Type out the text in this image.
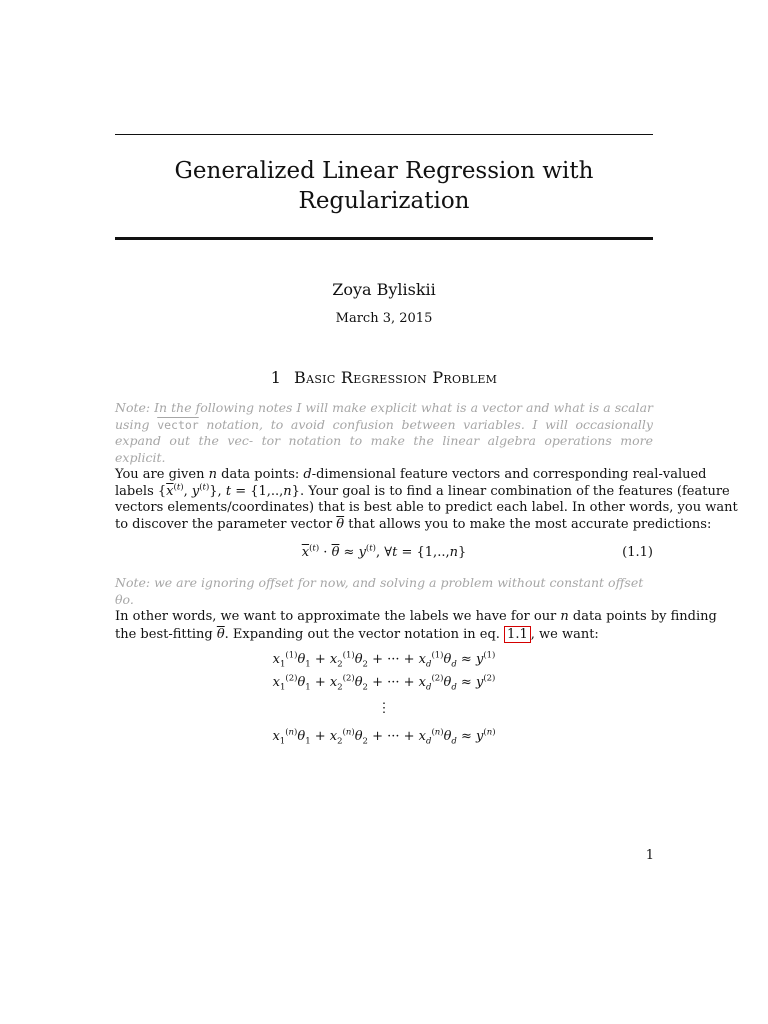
Generalized Linear Regression with
Regularization
Zoya Byliskii
March 3, 2015
1 Basic Regression Problem
Note: In the following notes I will make explicit what is a vector and what is a scalar using vector notation, to avoid confusion between variables. I will occasionally expand out the vec- tor notation to make the linear algebra operations more explicit.
You are given n data points: d-dimensional feature vectors and corresponding real-valued
labels {$\overline{x}^{(t)}$, $y^{(t)}$}, t = {1,..,n}. Your goal is to find a linear combination of the features (feature
vectors elements/coordinates) that is best able to predict each label. In other words, you want
to discover the parameter vector $\overline{\theta}$ that allows you to make the most accurate predictions:
$\overline{x}^{(t)} \cdot \overline{\theta} \approx y^{(t)}$, ∀t = {1,..,n}	(1.1)
Note: we are ignoring offset for now, and solving a problem without constant offset θo.
In other words, we want to approximate the labels we have for our n data points by finding
the best-fitting $\overline{\theta}$. Expanding out the vector notation in eq. 1.1 , we want:
$x_1^{(1)}\theta_1 + x_2^{(1)}\theta_2$ + ··· + $x_d^{(1)}\theta_d \approx y^{(1)}$
$x_1^{(2)}\theta_1 + x_2^{(2)}\theta_2$ + ··· + $x_d^{(2)}\theta_d \approx y^{(2)}$
⋮
$x_1^{(n)}\theta_1 + x_2^{(n)}\theta_2$ + ··· + $x_d^{(n)}\theta_d \approx y^{(n)}$
1
